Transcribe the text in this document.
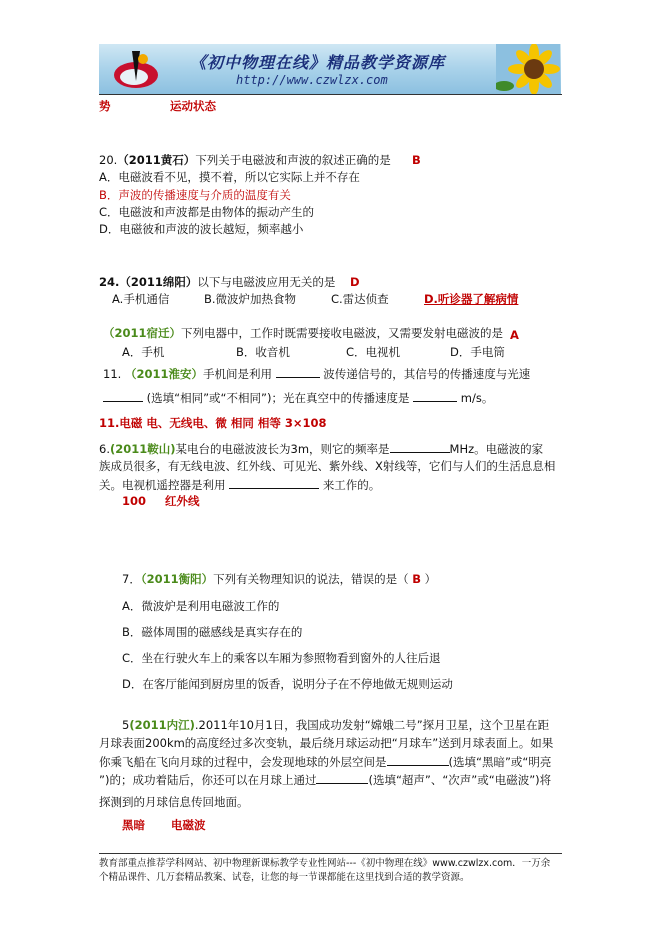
《初中物理在线》精品教学资源库
http://www.czwlzx.com
势	运动状态
20.（2011黄石）下列关于电磁波和声波的叙述正确的是 B
A．电磁波看不见，摸不着，所以它实际上并不存在
B．声波的传播速度与介质的温度有关
C．电磁波和声波都是由物体的振动产生的
D．电磁彼和声波的波长越短，频率越小
24.（2011绵阳）以下与电磁波应用无关的是 D
A.手机通信	B.微波炉加热食物	C.雷达侦查	D.听诊器了解病情
（2011宿迁）下列电器中，工作时既需要接收电磁波，又需要发射电磁波的是 A
A．手机	B．收音机	C．电视机	D．手电筒
11. （2011淮安）手机间是利用	波传递信号的，其信号的传播速度与光速
(选填“相同”或“不相同”)；光在真空中的传播速度是	m/s。
11.电磁 电、无线电、微 相同 相等 3×108
6.(2011鞍山)某电台的电磁波波长为3m，则它的频率是	MHz。电磁波的家
族成员很多，有无线电波、红外线、可见光、紫外线、X射线等，它们与人们的生活息息相
关。电视机遥控器是利用	来工作的。
100 红外线
7．（2011衡阳）下列有关物理知识的说法，错误的是（ B ）
A．微波炉是利用电磁波工作的
B．磁体周围的磁感线是真实存在的
C．坐在行驶火车上的乘客以车厢为参照物看到窗外的人往后退
D．在客厅能闻到厨房里的饭香，说明分子在不停地做无规则运动
5(2011内江).2011年10月1日，我国成功发射“嫦娥二号”探月卫星，这个卫星在距
月球表面200km的高度经过多次变轨，最后绕月球运动把“月球车”送到月球表面上。如果
你乘飞船在飞向月球的过程中，会发现地球的外层空间是	(选填“黑暗”或“明亮
”)的；成功着陆后，你还可以在月球上通过	(选填“超声”、“次声”或“电磁波”)将
探测到的月球信息传回地面。
黑暗 电磁波
教育部重点推荐学科网站、初中物理新课标教学专业性网站---《初中物理在线》www.czwlzx.com．一万余
个精品课件、几万套精品教案、试卷，让您的每一节课都能在这里找到合适的教学资源。
